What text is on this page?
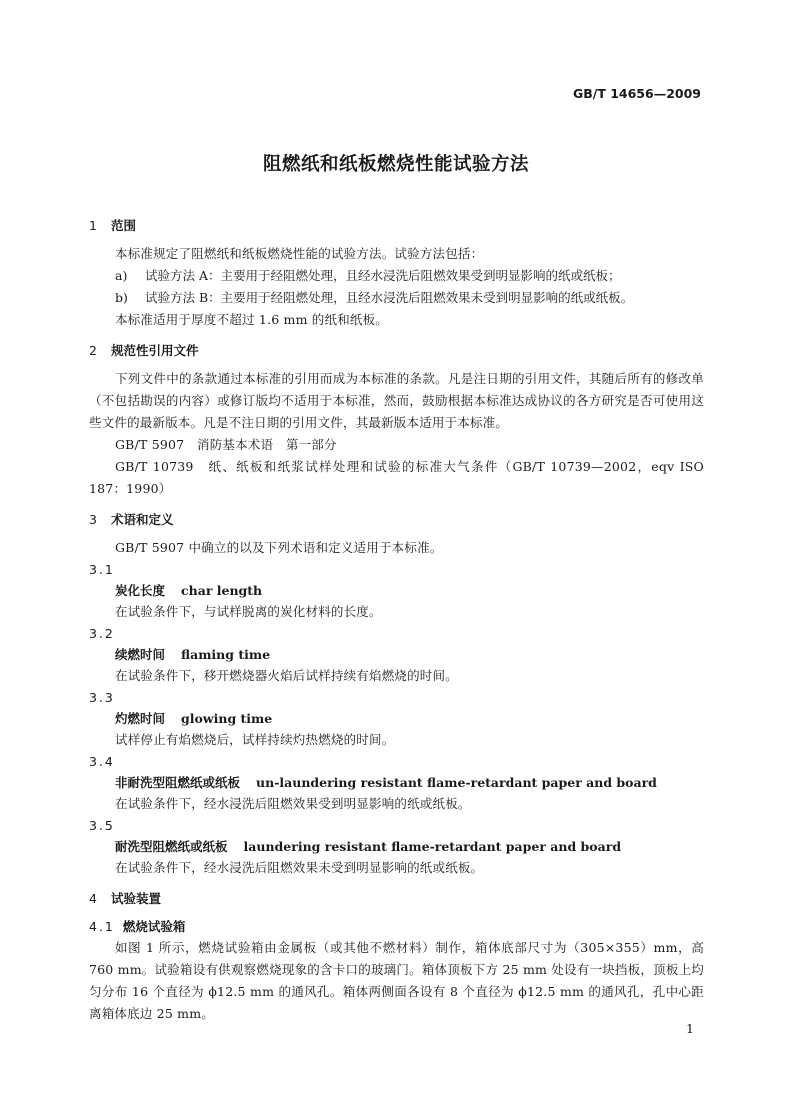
GB/T 14656—2009
阻燃纸和纸板燃烧性能试验方法
1 范围

本标准规定了阻燃纸和纸板燃烧性能的试验方法。试验方法包括：

a) 试验方法 A：主要用于经阻燃处理，且经水浸洗后阻燃效果受到明显影响的纸或纸板；

b) 试验方法 B：主要用于经阻燃处理，且经水浸洗后阻燃效果未受到明显影响的纸或纸板。

本标准适用于厚度不超过 1.6 mm 的纸和纸板。

2 规范性引用文件

下列文件中的条款通过本标准的引用而成为本标准的条款。凡是注日期的引用文件，其随后所有的修改单（不包括勘误的内容）或修订版均不适用于本标准，然而，鼓励根据本标准达成协议的各方研究是否可使用这些文件的最新版本。凡是不注日期的引用文件，其最新版本适用于本标准。

GB/T 5907　消防基本术语　第一部分

GB/T 10739　纸、纸板和纸浆试样处理和试验的标准大气条件（GB/T 10739—2002，eqv ISO 187：1990）

3 术语和定义

GB/T 5907 中确立的以及下列术语和定义适用于本标准。

3.1

炭化长度 char length

在试验条件下，与试样脱离的炭化材料的长度。

3.2

续燃时间 flaming time

在试验条件下，移开燃烧器火焰后试样持续有焰燃烧的时间。

3.3

灼燃时间 glowing time

试样停止有焰燃烧后，试样持续灼热燃烧的时间。

3.4

非耐洗型阻燃纸或纸板 un-laundering resistant flame-retardant paper and board

在试验条件下，经水浸洗后阻燃效果受到明显影响的纸或纸板。

3.5

耐洗型阻燃纸或纸板 laundering resistant flame-retardant paper and board

在试验条件下，经水浸洗后阻燃效果未受到明显影响的纸或纸板。

4 试验装置
4.1 燃烧试验箱

如图 1 所示，燃烧试验箱由金属板（或其他不燃材料）制作，箱体底部尺寸为（305×355）mm，高 760 mm。试验箱设有供观察燃烧现象的含卡口的玻璃门。箱体顶板下方 25 mm 处设有一块挡板，顶板上均匀分布 16 个直径为 ϕ12.5 mm 的通风孔。箱体两侧面各设有 8 个直径为 ϕ12.5 mm 的通风孔，孔中心距离箱体底边 25 mm。

1
